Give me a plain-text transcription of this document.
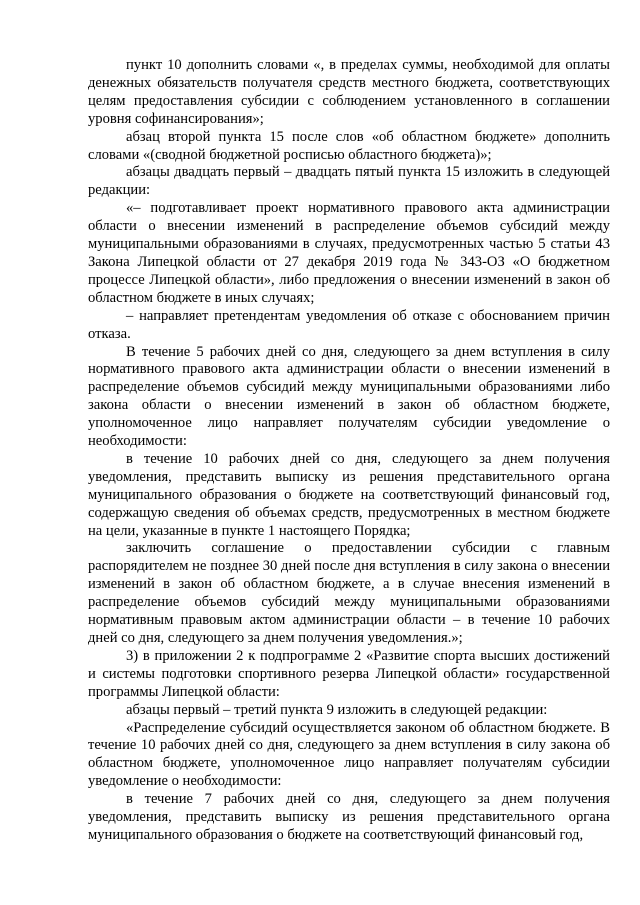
пункт 10 дополнить словами «, в пределах суммы, необходимой для оплаты денежных обязательств получателя средств местного бюджета, соответствующих целям предоставления субсидии с соблюдением установленного в соглашении уровня софинансирования»;

абзац второй пункта 15 после слов «об областном бюджете» дополнить словами «(сводной бюджетной росписью областного бюджета)»;

абзацы двадцать первый – двадцать пятый пункта 15 изложить в следующей редакции:

«– подготавливает проект нормативного правового акта администрации области о внесении изменений в распределение объемов субсидий между муниципальными образованиями в случаях, предусмотренных частью 5 статьи 43 Закона Липецкой области от 27 декабря 2019 года № 343-ОЗ «О бюджетном процессе Липецкой области», либо предложения о внесении изменений в закон об областном бюджете в иных случаях;

– направляет претендентам уведомления об отказе с обоснованием причин отказа.

В течение 5 рабочих дней со дня, следующего за днем вступления в силу нормативного правового акта администрации области о внесении изменений в распределение объемов субсидий между муниципальными образованиями либо закона области о внесении изменений в закон об областном бюджете, уполномоченное лицо направляет получателям субсидии уведомление о необходимости:

в течение 10 рабочих дней со дня, следующего за днем получения уведомления, представить выписку из решения представительного органа муниципального образования о бюджете на соответствующий финансовый год, содержащую сведения об объемах средств, предусмотренных в местном бюджете на цели, указанные в пункте 1 настоящего Порядка;

заключить соглашение о предоставлении субсидии с главным распорядителем не позднее 30 дней после дня вступления в силу закона о внесении изменений в закон об областном бюджете, а в случае внесения изменений в распределение объемов субсидий между муниципальными образованиями нормативным правовым актом администрации области – в течение 10 рабочих дней со дня, следующего за днем получения уведомления.»;

3) в приложении 2 к подпрограмме 2 «Развитие спорта высших достижений и системы подготовки спортивного резерва Липецкой области» государственной программы Липецкой области:

абзацы первый – третий пункта 9 изложить в следующей редакции:

«Распределение субсидий осуществляется законом об областном бюджете. В течение 10 рабочих дней со дня, следующего за днем вступления в силу закона об областном бюджете, уполномоченное лицо направляет получателям субсидии уведомление о необходимости:

в течение 7 рабочих дней со дня, следующего за днем получения уведомления, представить выписку из решения представительного органа муниципального образования о бюджете на соответствующий финансовый год,
